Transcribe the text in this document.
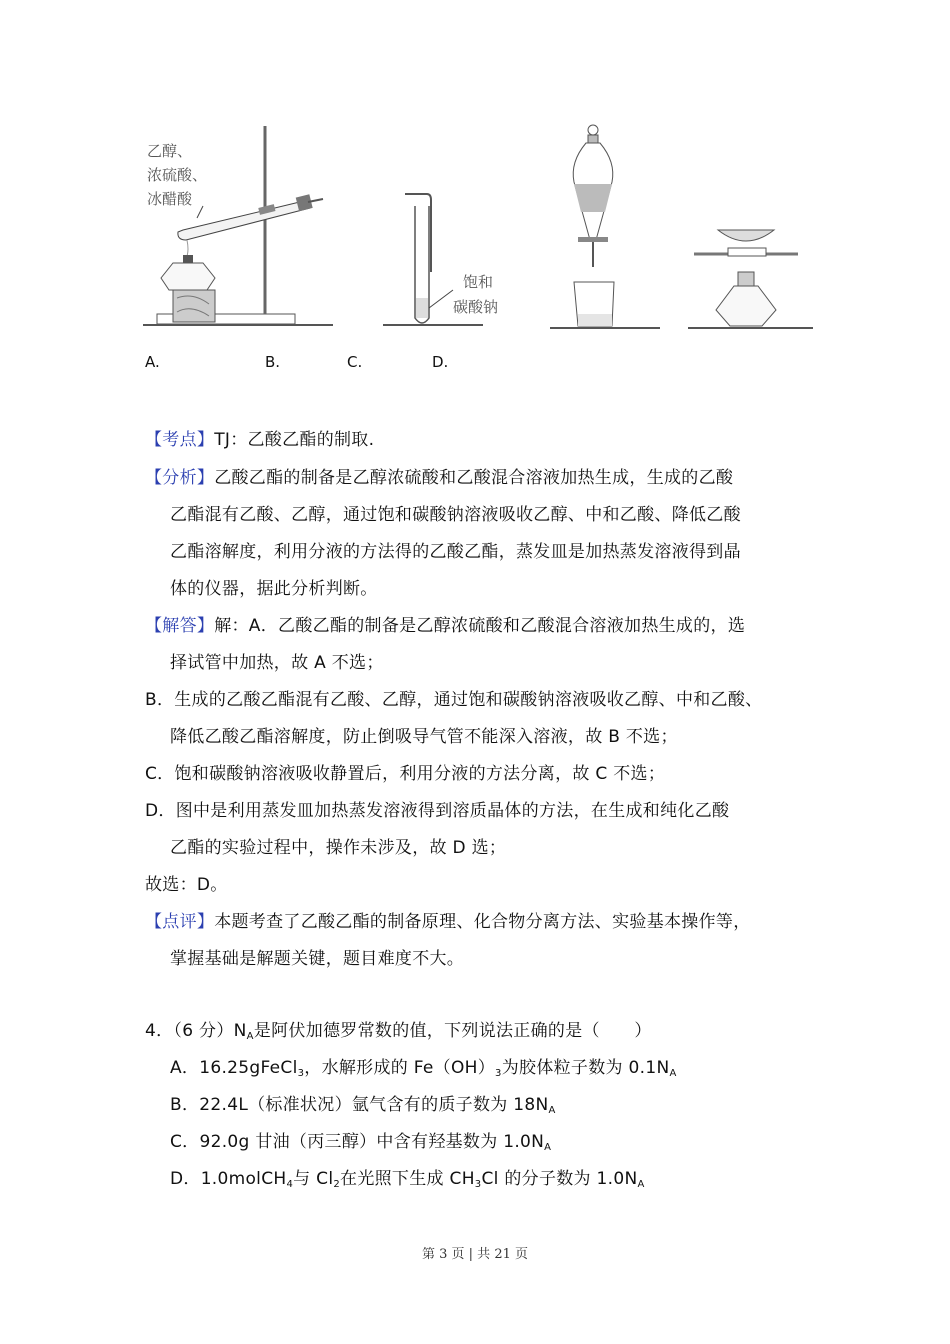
乙醇、
浓硫酸、
冰醋酸
饱和
碳酸钠
A.	B.	C.	D.
【考点】TJ：乙酸乙酯的制取.
【分析】乙酸乙酯的制备是乙醇浓硫酸和乙酸混合溶液加热生成，生成的乙酸
乙酯混有乙酸、乙醇，通过饱和碳酸钠溶液吸收乙醇、中和乙酸、降低乙酸
乙酯溶解度，利用分液的方法得的乙酸乙酯，蒸发皿是加热蒸发溶液得到晶
体的仪器，据此分析判断。
【解答】解：A．乙酸乙酯的制备是乙醇浓硫酸和乙酸混合溶液加热生成的，选
择试管中加热，故 A 不选；
B．生成的乙酸乙酯混有乙酸、乙醇，通过饱和碳酸钠溶液吸收乙醇、中和乙酸、
降低乙酸乙酯溶解度，防止倒吸导气管不能深入溶液，故 B 不选；
C．饱和碳酸钠溶液吸收静置后，利用分液的方法分离，故 C 不选；
D．图中是利用蒸发皿加热蒸发溶液得到溶质晶体的方法，在生成和纯化乙酸
乙酯的实验过程中，操作未涉及，故 D 选；
故选：D。
【点评】本题考查了乙酸乙酯的制备原理、化合物分离方法、实验基本操作等，
掌握基础是解题关键，题目难度不大。
4．（6 分）$N_A$是阿伏加德罗常数的值，下列说法正确的是（　　）
A．16.25gFeCl$_3$，水解形成的 $Fe(OH)_3$为胶体粒子数为 $0.1N_A$
B．22.4L（标准状况）氩气含有的质子数为 $18N_A$
C．92.0g 甘油（丙三醇）中含有羟基数为 $1.0N_A$
D．1.0molCH$_4$与 $Cl_2$在光照下生成 $CH_3Cl$ 的分子数为 $1.0N_A$
第 3 页 | 共 21 页
